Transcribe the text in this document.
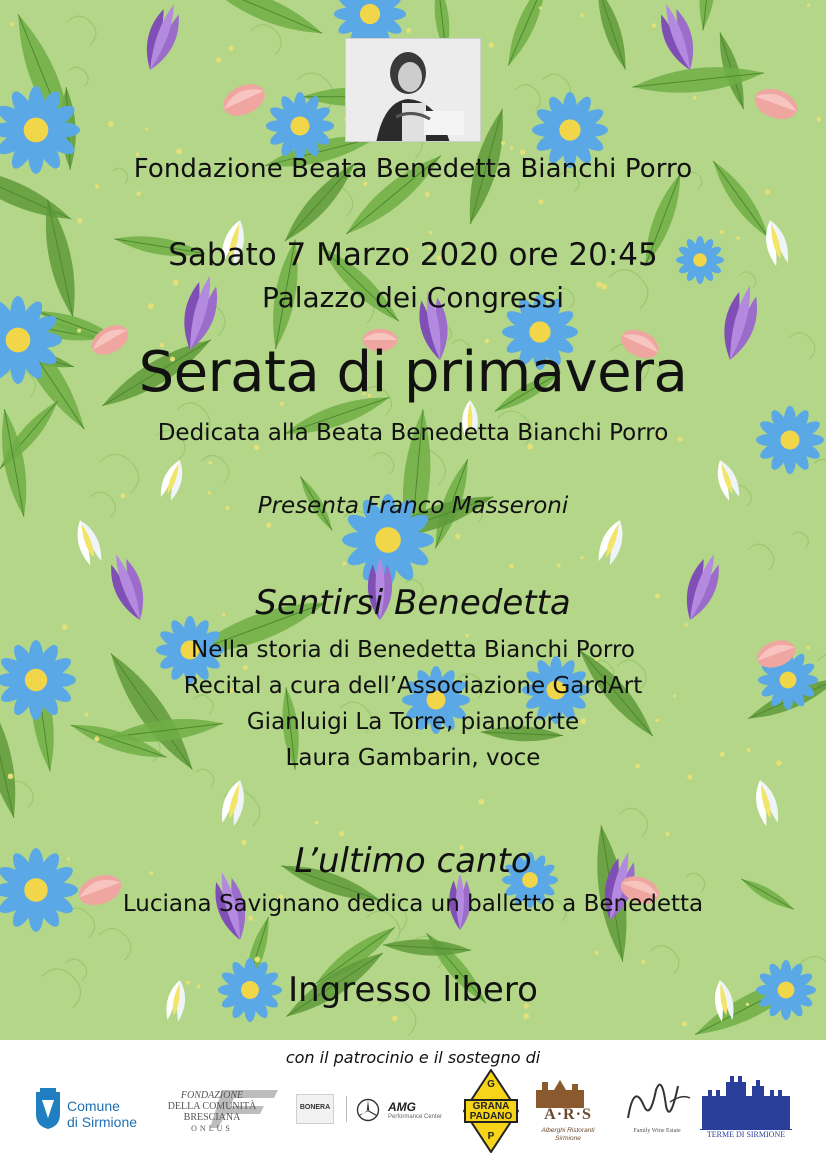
Fondazione Beata Benedetta Bianchi Porro
Sabato 7 Marzo 2020 ore 20:45
Palazzo dei Congressi
Serata di primavera
Dedicata alla Beata Benedetta Bianchi Porro
Presenta Franco Masseroni
Sentirsi Benedetta
Nella storia di Benedetta Bianchi Porro
Recital a cura dell’Associazione GardArt
Gianluigi La Torre, pianoforte
Laura Gambarin, voce
L’ultimo canto
Luciana Savignano dedica un balletto a Benedetta
Ingresso libero
con il patrocinio e il sostegno di
Comune
di Sirmione
FONDAZIONE
DELLA COMUNITÀ
BRESCIANA
ONLUS
BONERA	AMG
Performance Center
G
GRANA
PADANO
P
A·R·S
Alberghi Ristoranti
Sirmione
Family Wine Estate	TERME DI SIRMIONE
